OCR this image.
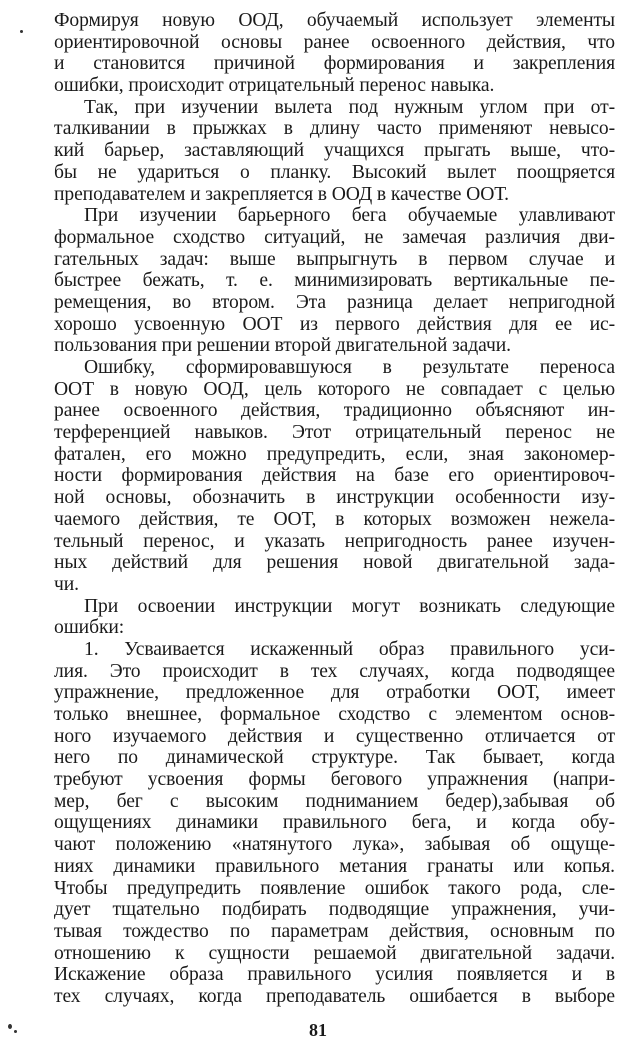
Формируя новую ООД, обучаемый использует элементы
ориентировочной основы ранее освоенного действия, что
и становится причиной формирования и закрепления
ошибки, происходит отрицательный перенос навыка.
Так, при изучении вылета под нужным углом при от-
талкивании в прыжках в длину часто применяют невысо-
кий барьер, заставляющий учащихся прыгать выше, что-
бы не удариться о планку. Высокий вылет поощряется
преподавателем и закрепляется в ООД в качестве ООТ.
При изучении барьерного бега обучаемые улавливают
формальное сходство ситуаций, не замечая различия дви-
гательных задач: выше выпрыгнуть в первом случае и
быстрее бежать, т. е. минимизировать вертикальные пе-
ремещения, во втором. Эта разница делает непригодной
хорошо усвоенную ООТ из первого действия для ее ис-
пользования при решении второй двигательной задачи.
Ошибку, сформировавшуюся в результате переноса
ООТ в новую ООД, цель которого не совпадает с целью
ранее освоенного действия, традиционно объясняют ин-
терференцией навыков. Этот отрицательный перенос не
фатален, его можно предупредить, если, зная закономер-
ности формирования действия на базе его ориентировоч-
ной основы, обозначить в инструкции особенности изу-
чаемого действия, те ООТ, в которых возможен нежела-
тельный перенос, и указать непригодность ранее изучен-
ных действий для решения новой двигательной зада-
чи.
При освоении инструкции могут возникать следующие
ошибки:
1. Усваивается искаженный образ правильного уси-
лия. Это происходит в тех случаях, когда подводящее
упражнение, предложенное для отработки ООТ, имеет
только внешнее, формальное сходство с элементом основ-
ного изучаемого действия и существенно отличается от
него по динамической структуре. Так бывает, когда
требуют усвоения формы бегового упражнения (напри-
мер, бег с высоким подниманием бедер),забывая об
ощущениях динамики правильного бега, и когда обу-
чают положению «натянутого лука», забывая об ощуще-
ниях динамики правильного метания гранаты или копья.
Чтобы предупредить появление ошибок такого рода, сле-
дует тщательно подбирать подводящие упражнения, учи-
тывая тождество по параметрам действия, основным по
отношению к сущности решаемой двигательной задачи.
Искажение образа правильного усилия появляется и в
тех случаях, когда преподаватель ошибается в выборе
81
